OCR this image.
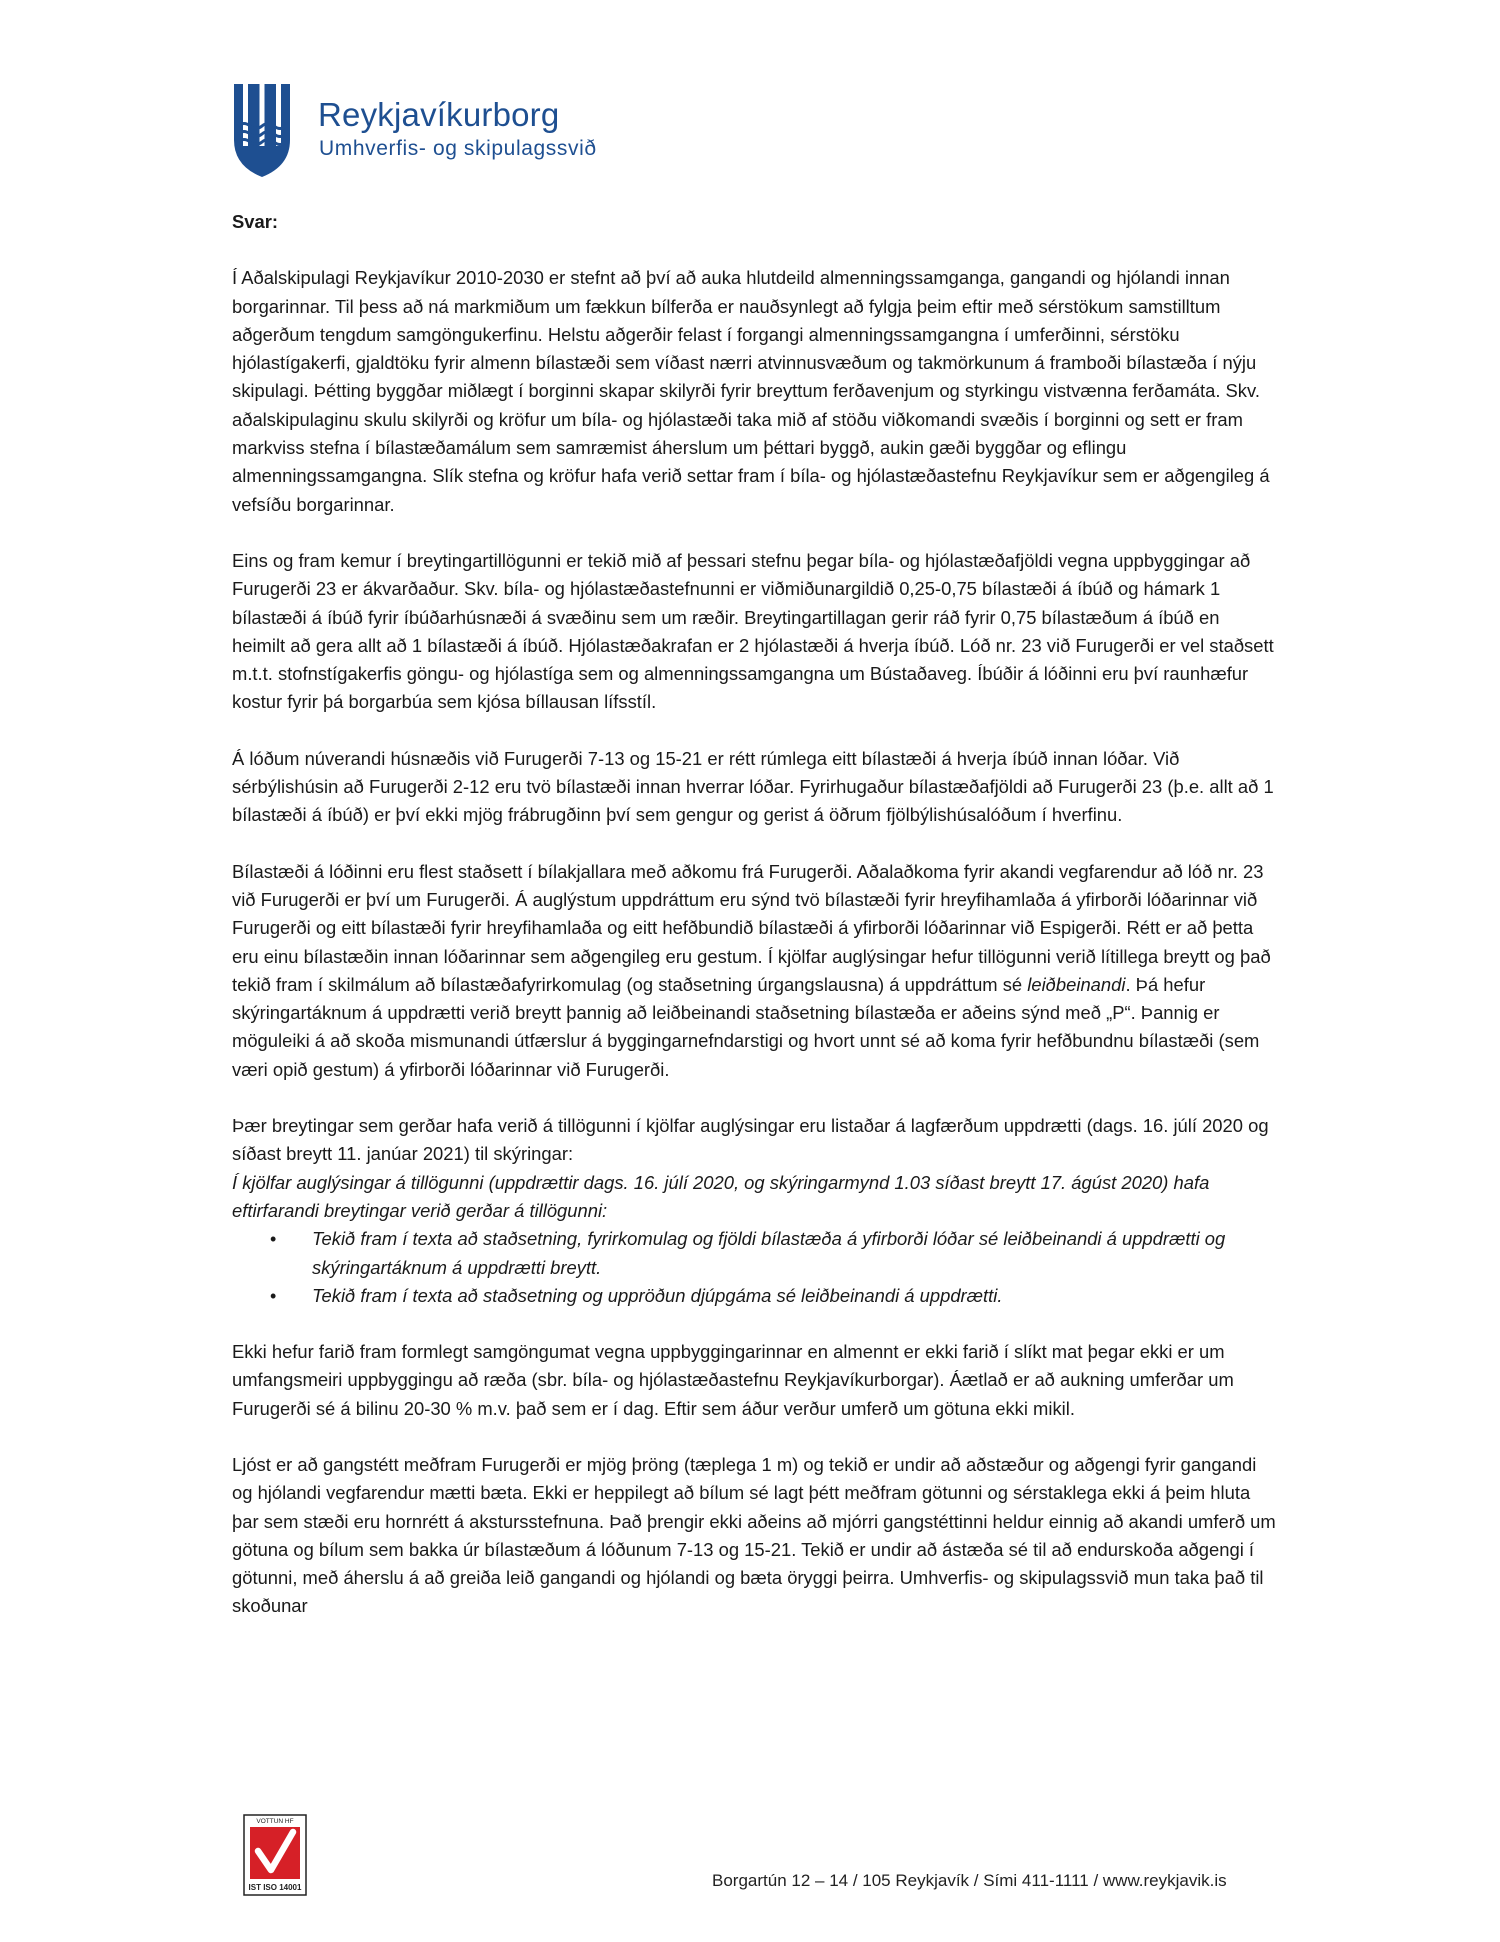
Reykjavíkurborg
Umhverfis- og skipulagssvið

Svar:

Í Aðalskipulagi Reykjavíkur 2010-2030 er stefnt að því að auka hlutdeild almenningssamganga, gangandi og hjólandi innan borgarinnar. Til þess að ná markmiðum um fækkun bílferða er nauðsynlegt að fylgja þeim eftir með sérstökum samstilltum aðgerðum tengdum samgöngukerfinu. Helstu aðgerðir felast í forgangi almenningssamgangna í umferðinni, sérstöku hjólastígakerfi, gjaldtöku fyrir almenn bílastæði sem víðast nærri atvinnusvæðum og takmörkunum á framboði bílastæða í nýju skipulagi. Þétting byggðar miðlægt í borginni skapar skilyrði fyrir breyttum ferðavenjum og styrkingu vistvænna ferðamáta. Skv. aðalskipulaginu skulu skilyrði og kröfur um bíla- og hjólastæði taka mið af stöðu viðkomandi svæðis í borginni og sett er fram markviss stefna í bílastæðamálum sem samræmist áherslum um þéttari byggð, aukin gæði byggðar og eflingu almenningssamgangna. Slík stefna og kröfur hafa verið settar fram í bíla- og hjólastæðastefnu Reykjavíkur sem er aðgengileg á vefsíðu borgarinnar.

Eins og fram kemur í breytingartillögunni er tekið mið af þessari stefnu þegar bíla- og hjólastæðafjöldi vegna uppbyggingar að Furugerði 23 er ákvarðaður. Skv. bíla- og hjólastæðastefnunni er viðmiðunargildið 0,25-0,75 bílastæði á íbúð og hámark 1 bílastæði á íbúð fyrir íbúðarhúsnæði á svæðinu sem um ræðir. Breytingartillagan gerir ráð fyrir 0,75 bílastæðum á íbúð en heimilt að gera allt að 1 bílastæði á íbúð. Hjólastæðakrafan er 2 hjólastæði á hverja íbúð. Lóð nr. 23 við Furugerði er vel staðsett m.t.t. stofnstígakerfis göngu- og hjólastíga sem og almenningssamgangna um Bústaðaveg. Íbúðir á lóðinni eru því raunhæfur kostur fyrir þá borgarbúa sem kjósa bíllausan lífsstíl.

Á lóðum núverandi húsnæðis við Furugerði 7-13 og 15-21 er rétt rúmlega eitt bílastæði á hverja íbúð innan lóðar. Við sérbýlishúsin að Furugerði 2-12 eru tvö bílastæði innan hverrar lóðar. Fyrirhugaður bílastæðafjöldi að Furugerði 23 (þ.e. allt að 1 bílastæði á íbúð) er því ekki mjög frábrugðinn því sem gengur og gerist á öðrum fjölbýlishúsalóðum í hverfinu.

Bílastæði á lóðinni eru flest staðsett í bílakjallara með aðkomu frá Furugerði. Aðalaðkoma fyrir akandi vegfarendur að lóð nr. 23 við Furugerði er því um Furugerði. Á auglýstum uppdráttum eru sýnd tvö bílastæði fyrir hreyfihamlaða á yfirborði lóðarinnar við Furugerði og eitt bílastæði fyrir hreyfihamlaða og eitt hefðbundið bílastæði á yfirborði lóðarinnar við Espigerði. Rétt er að þetta eru einu bílastæðin innan lóðarinnar sem aðgengileg eru gestum. Í kjölfar auglýsingar hefur tillögunni verið lítillega breytt og það tekið fram í skilmálum að bílastæðafyrirkomulag (og staðsetning úrgangslausna) á uppdráttum sé leiðbeinandi. Þá hefur skýringartáknum á uppdrætti verið breytt þannig að leiðbeinandi staðsetning bílastæða er aðeins sýnd með „P“. Þannig er möguleiki á að skoða mismunandi útfærslur á byggingarnefndarstigi og hvort unnt sé að koma fyrir hefðbundnu bílastæði (sem væri opið gestum) á yfirborði lóðarinnar við Furugerði.

Þær breytingar sem gerðar hafa verið á tillögunni í kjölfar auglýsingar eru listaðar á lagfærðum uppdrætti (dags. 16. júlí 2020 og síðast breytt 11. janúar 2021) til skýringar:

Í kjölfar auglýsingar á tillögunni (uppdrættir dags. 16. júlí 2020, og skýringarmynd 1.03 síðast breytt 17. ágúst 2020) hafa eftirfarandi breytingar verið gerðar á tillögunni:

• Tekið fram í texta að staðsetning, fyrirkomulag og fjöldi bílastæða á yfirborði lóðar sé leiðbeinandi á uppdrætti og skýringartáknum á uppdrætti breytt.
• Tekið fram í texta að staðsetning og uppröðun djúpgáma sé leiðbeinandi á uppdrætti.

Ekki hefur farið fram formlegt samgöngumat vegna uppbyggingarinnar en almennt er ekki farið í slíkt mat þegar ekki er um umfangsmeiri uppbyggingu að ræða (sbr. bíla- og hjólastæðastefnu Reykjavíkurborgar). Áætlað er að aukning umferðar um Furugerði sé á bilinu 20-30 % m.v. það sem er í dag. Eftir sem áður verður umferð um götuna ekki mikil.

Ljóst er að gangstétt meðfram Furugerði er mjög þröng (tæplega 1 m) og tekið er undir að aðstæður og aðgengi fyrir gangandi og hjólandi vegfarendur mætti bæta. Ekki er heppilegt að bílum sé lagt þétt meðfram götunni og sérstaklega ekki á þeim hluta þar sem stæði eru hornrétt á akstursstefnuna. Það þrengir ekki aðeins að mjórri gangstéttinni heldur einnig að akandi umferð um götuna og bílum sem bakka úr bílastæðum á lóðunum 7-13 og 15-21. Tekið er undir að ástæða sé til að endurskoða aðgengi í götunni, með áherslu á að greiða leið gangandi og hjólandi og bæta öryggi þeirra. Umhverfis- og skipulagssvið mun taka það til skoðunar

VOTTUN HF
IST ISO 14001	Borgartún 12 – 14 / 105 Reykjavík / Sími 411-1111 / www.reykjavik.is
